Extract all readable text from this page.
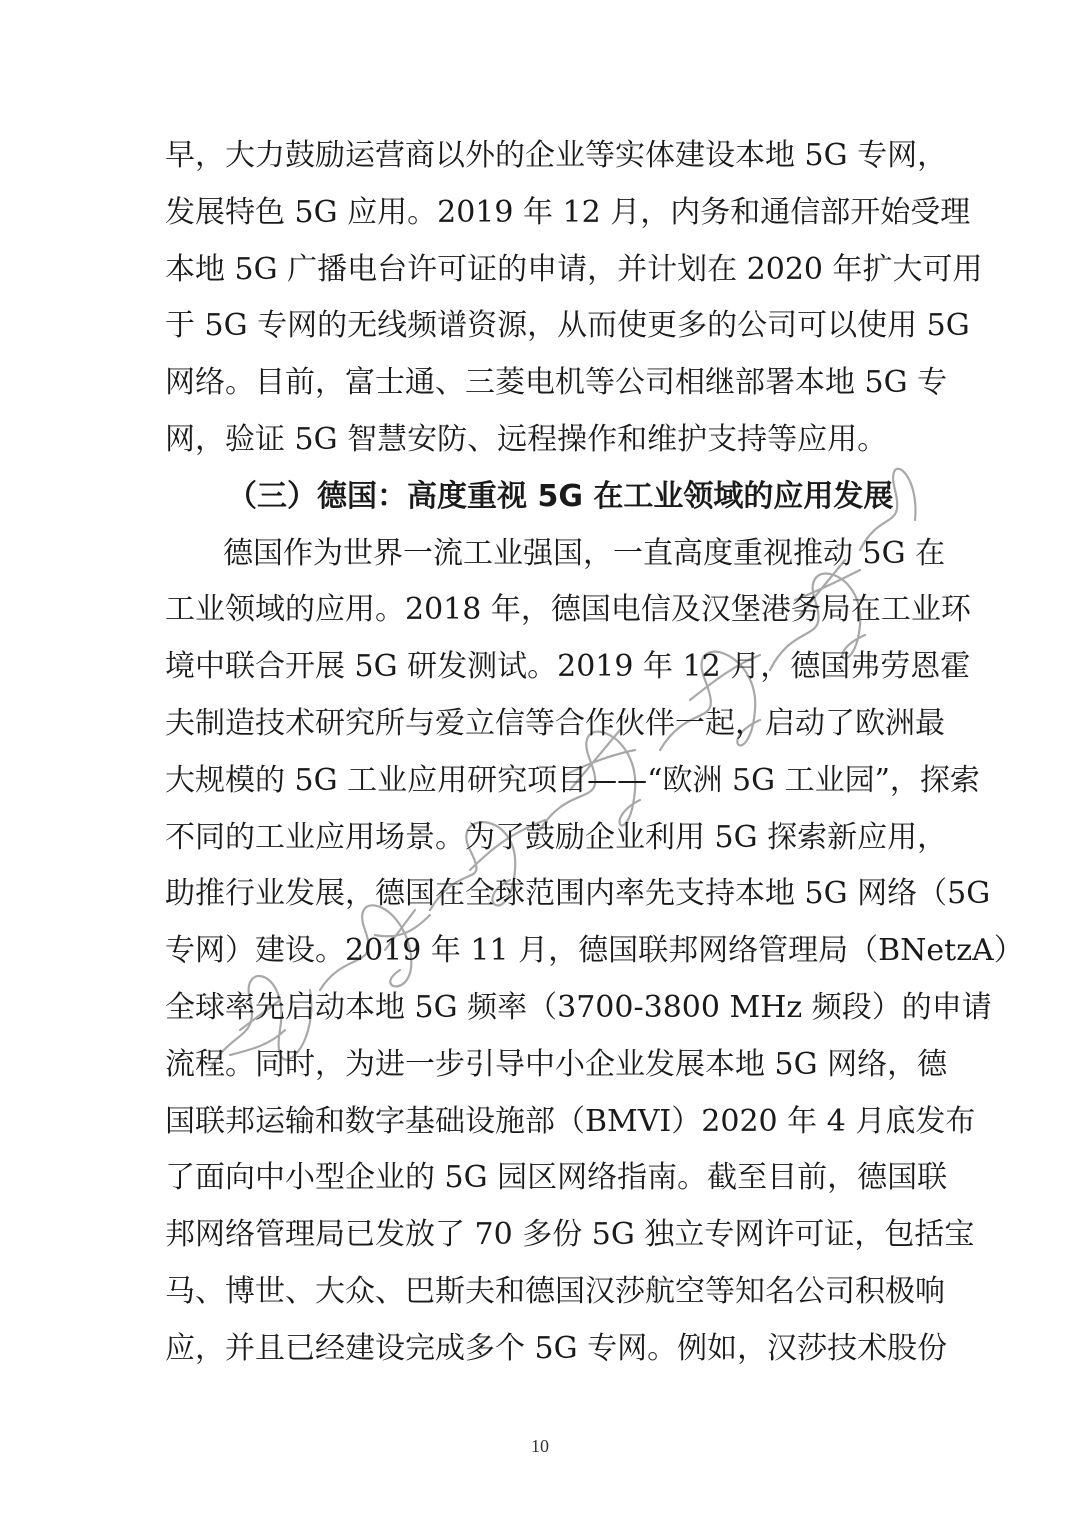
早，大力鼓励运营商以外的企业等实体建设本地 5G 专网，
发展特色 5G 应用。2019 年 12 月，内务和通信部开始受理
本地 5G 广播电台许可证的申请，并计划在 2020 年扩大可用
于 5G 专网的无线频谱资源，从而使更多的公司可以使用 5G
网络。目前，富士通、三菱电机等公司相继部署本地 5G 专
网，验证 5G 智慧安防、远程操作和维护支持等应用。
（三）德国：高度重视 5G 在工业领域的应用发展
德国作为世界一流工业强国，一直高度重视推动 5G 在
工业领域的应用。2018 年，德国电信及汉堡港务局在工业环
境中联合开展 5G 研发测试。2019 年 12 月，德国弗劳恩霍
夫制造技术研究所与爱立信等合作伙伴一起，启动了欧洲最
大规模的 5G 工业应用研究项目——“欧洲 5G 工业园”，探索
不同的工业应用场景。为了鼓励企业利用 5G 探索新应用，
助推行业发展，德国在全球范围内率先支持本地 5G 网络（5G
专网）建设。2019 年 11 月，德国联邦网络管理局（BNetzA）
全球率先启动本地 5G 频率（3700-3800 MHz 频段）的申请
流程。同时，为进一步引导中小企业发展本地 5G 网络，德
国联邦运输和数字基础设施部（BMVI）2020 年 4 月底发布
了面向中小型企业的 5G 园区网络指南。截至目前，德国联
邦网络管理局已发放了 70 多份 5G 独立专网许可证，包括宝
马、博世、大众、巴斯夫和德国汉莎航空等知名公司积极响
应，并且已经建设完成多个 5G 专网。例如，汉莎技术股份
10
